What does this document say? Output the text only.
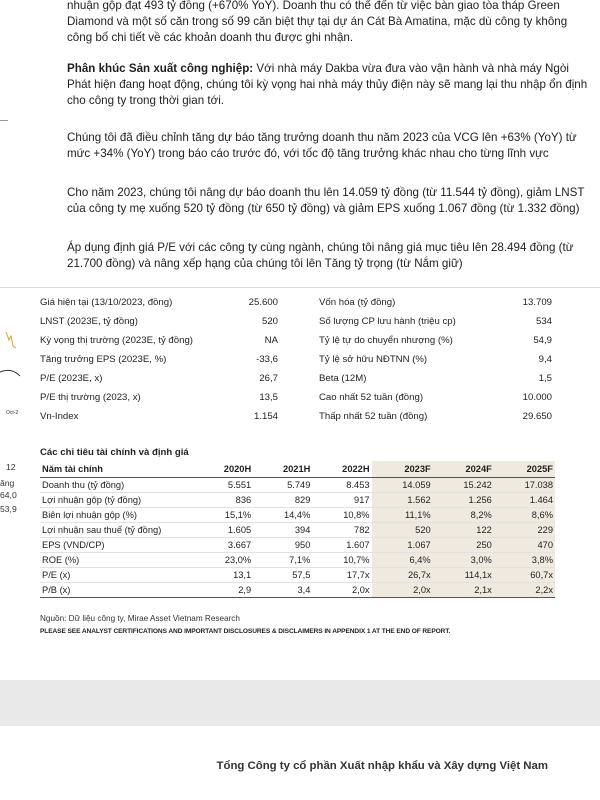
nhuận gộp đạt 493 tỷ đồng (+670% YoY). Doanh thu có thể đến từ việc bàn giao tòa tháp Green Diamond và một số căn trong số 99 căn biệt thự tại dự án Cát Bà Amatina, mặc dù công ty không công bố chi tiết về các khoản doanh thu được ghi nhận.

Phân khúc Sản xuất công nghiệp: Với nhà máy Dakba vừa đưa vào vận hành và nhà máy Ngòi Phát hiện đang hoạt động, chúng tôi kỳ vọng hai nhà máy thủy điện này sẽ mang lại thu nhập ổn định cho công ty trong thời gian tới.

Chúng tôi đã điều chỉnh tăng dự báo tăng trưởng doanh thu năm 2023 của VCG lên +63% (YoY) từ mức +34% (YoY) trong báo cáo trước đó, với tốc độ tăng trưởng khác nhau cho từng lĩnh vực

Cho năm 2023, chúng tôi nâng dự báo doanh thu lên 14.059 tỷ đồng (từ 11.544 tỷ đồng), giảm LNST của công ty mẹ xuống 520 tỷ đồng (từ 650 tỷ đồng) và giảm EPS xuống 1.067 đồng (từ 1.332 đồng)

Áp dụng định giá P/E với các công ty cùng ngành, chúng tôi nâng giá mục tiêu lên 28.494 đồng (từ 21.700 đồng) và nâng xếp hạng của chúng tôi lên Tăng tỷ trọng (từ Nắm giữ)

Oct-2
12
ăng
64,0
53,9
Giá hiện tại (13/10/2023, đồng)	25.600	Vốn hóa (tỷ đồng)	13.709
LNST (2023E, tỷ đồng)	520	Số lượng CP lưu hành (triệu cp)	534
Kỳ vọng thị trường (2023E, tỷ đồng)	NA	Tỷ lệ tự do chuyển nhượng (%)	54,9
Tăng trưởng EPS (2023E, %)	-33,6	Tỷ lệ sở hữu NĐTNN (%)	9,4
P/E (2023E, x)	26,7	Beta (12M)	1,5
P/E thị trường (2023, x)	13,5	Cao nhất 52 tuần (đồng)	10.000
Vn-Index	1.154	Thấp nhất 52 tuần (đồng)	29.650
Các chỉ tiêu tài chính và định giá
Năm tài chính	2020H	2021H	2022H	2023F	2024F	2025F
Doanh thu (tỷ đồng)	5.551	5.749	8.453	14.059	15.242	17.038
Lợi nhuận gộp (tỷ đồng)	836	829	917	1.562	1.256	1.464
Biên lợi nhuận gộp (%)	15,1%	14,4%	10,8%	11,1%	8,2%	8,6%
Lợi nhuận sau thuế (tỷ đồng)	1.605	394	782	520	122	229
EPS (VND/CP)	3.667	950	1.607	1.067	250	470
ROE (%)	23,0%	7,1%	10,7%	6,4%	3,0%	3,8%
P/E (x)	13,1	57,5	17,7x	26,7x	114,1x	60,7x
P/B (x)	2,9	3,4	2,0x	2,0x	2,1x	2,2x
Nguồn: Dữ liệu công ty, Mirae Asset Vietnam Research
PLEASE SEE ANALYST CERTIFICATIONS AND IMPORTANT DISCLOSURES & DISCLAIMERS IN APPENDIX 1 AT THE END OF REPORT.
Tổng Công ty cổ phần Xuất nhập khẩu và Xây dựng Việt Nam
